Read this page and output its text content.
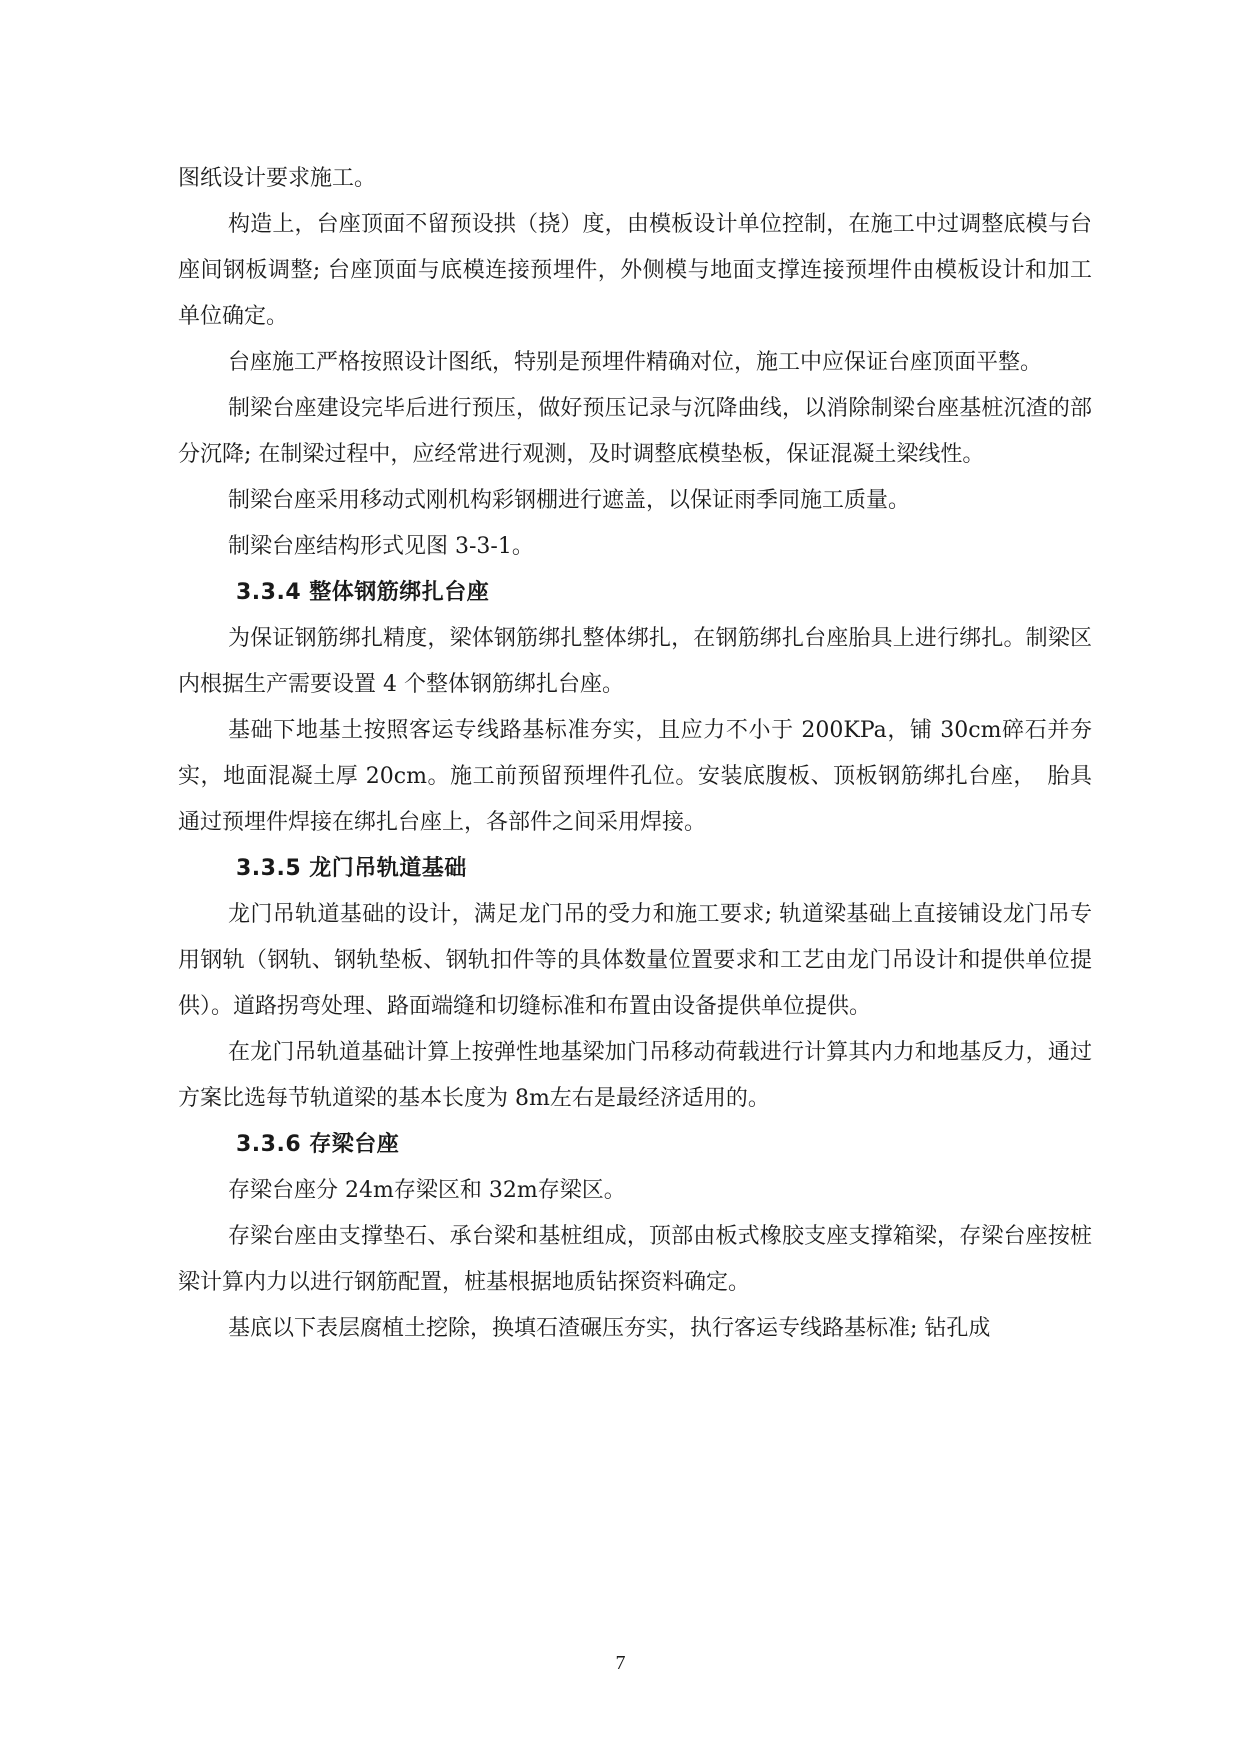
图纸设计要求施工。

构造上，台座顶面不留预设拱（挠）度，由模板设计单位控制，在施工中过调整底模与台座间钢板调整; 台座顶面与底模连接预埋件，外侧模与地面支撑连接预埋件由模板设计和加工单位确定。

台座施工严格按照设计图纸，特别是预埋件精确对位，施工中应保证台座顶面平整。

制梁台座建设完毕后进行预压，做好预压记录与沉降曲线，以消除制梁台座基桩沉渣的部分沉降; 在制梁过程中，应经常进行观测，及时调整底模垫板，保证混凝土梁线性。

制梁台座采用移动式刚机构彩钢棚进行遮盖，以保证雨季同施工质量。

制梁台座结构形式见图 3-3-1。

3.3.4 整体钢筋绑扎台座

为保证钢筋绑扎精度，梁体钢筋绑扎整体绑扎，在钢筋绑扎台座胎具上进行绑扎。制梁区内根据生产需要设置 4 个整体钢筋绑扎台座。

基础下地基土按照客运专线路基标准夯实，且应力不小于 200KPa，铺 30cm碎石并夯实，地面混凝土厚 20cm。施工前预留预埋件孔位。安装底腹板、顶板钢筋绑扎台座，　胎具通过预埋件焊接在绑扎台座上，各部件之间采用焊接。

3.3.5 龙门吊轨道基础

龙门吊轨道基础的设计，满足龙门吊的受力和施工要求; 轨道梁基础上直接铺设龙门吊专用钢轨（钢轨、钢轨垫板、钢轨扣件等的具体数量位置要求和工艺由龙门吊设计和提供单位提供）。道路拐弯处理、路面端缝和切缝标准和布置由设备提供单位提供。

在龙门吊轨道基础计算上按弹性地基梁加门吊移动荷载进行计算其内力和地基反力，通过方案比选每节轨道梁的基本长度为 8m左右是最经济适用的。

3.3.6 存梁台座

存梁台座分 24m存梁区和 32m存梁区。

存梁台座由支撑垫石、承台梁和基桩组成，顶部由板式橡胶支座支撑箱梁，存梁台座按桩梁计算内力以进行钢筋配置，桩基根据地质钻探资料确定。

基底以下表层腐植土挖除，换填石渣碾压夯实，执行客运专线路基标准; 钻孔成

7
